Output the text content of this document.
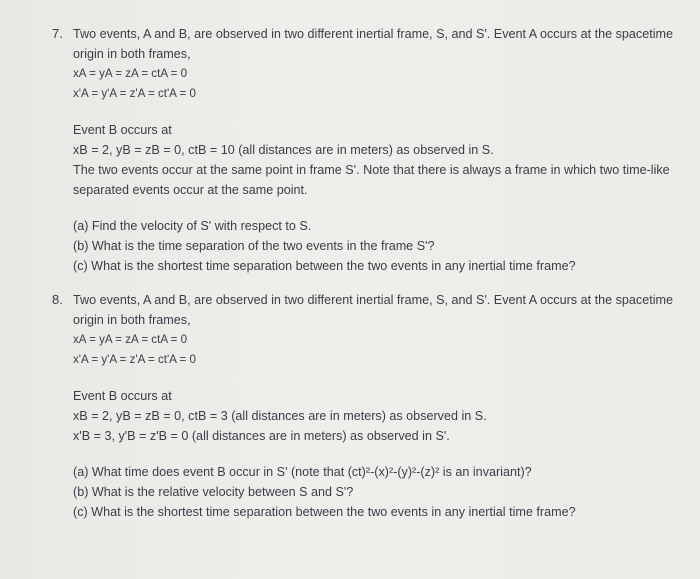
7. Two events, A and B, are observed in two different inertial frame, S, and S'. Event A occurs at the spacetime
origin in both frames,
xA = yA = zA = ctA = 0
x'A = y'A = z'A = ct'A = 0
Event B occurs at
xB = 2, yB = zB = 0, ctB = 10 (all distances are in meters) as observed in S.
The two events occur at the same point in frame S'. Note that there is always a frame in which two time-like
separated events occur at the same point.
(a) Find the velocity of S' with respect to S.
(b) What is the time separation of the two events in the frame S'?
(c) What is the shortest time separation between the two events in any inertial time frame?
8. Two events, A and B, are observed in two different inertial frame, S, and S'. Event A occurs at the spacetime
origin in both frames,
xA = yA = zA = ctA = 0
x'A = y'A = z'A = ct'A = 0
Event B occurs at
xB = 2, yB = zB = 0, ctB = 3 (all distances are in meters) as observed in S.
x'B = 3, y'B = z'B = 0 (all distances are in meters) as observed in S'.
(a) What time does event B occur in S' (note that (ct)²-(x)²-(y)²-(z)² is an invariant)?
(b) What is the relative velocity between S and S'?
(c) What is the shortest time separation between the two events in any inertial time frame?
